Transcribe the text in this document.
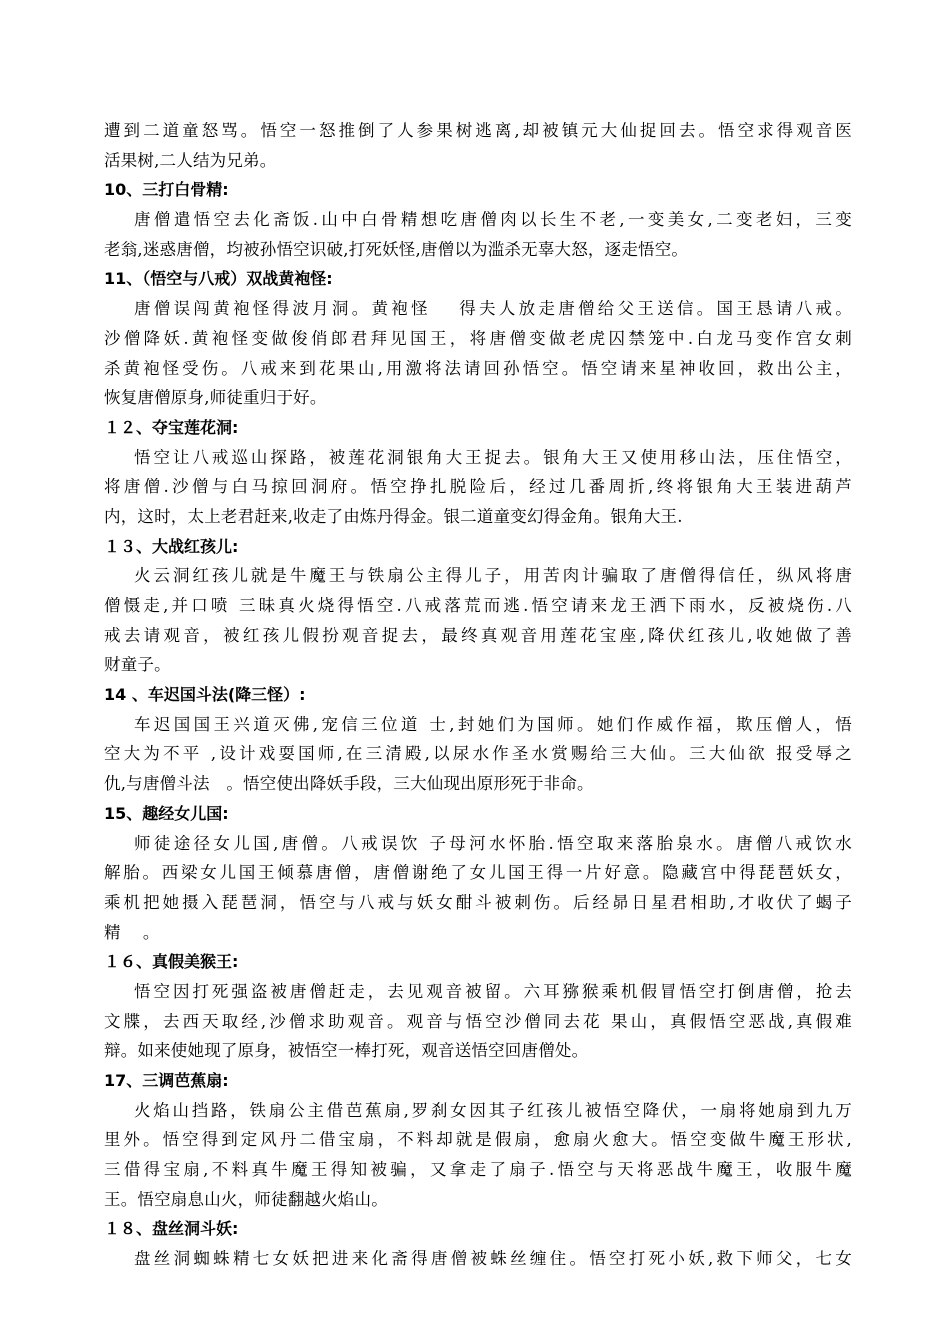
遭到二道童怒骂。悟空一怒推倒了人参果树逃离,却被镇元大仙捉回去。悟空求得观音医
活果树,二人结为兄弟。
10、三打白骨精:
唐僧遣悟空去化斋饭.山中白骨精想吃唐僧肉以长生不老,一变美女,二变老妇，三变
老翁,迷惑唐僧，均被孙悟空识破,打死妖怪,唐僧以为滥杀无辜大怒，逐走悟空。
11、（悟空与八戒）双战黄袍怪:
唐僧误闯黄袍怪得波月洞。黄袍怪　 得夫人放走唐僧给父王送信。国王恳请八戒。
沙僧降妖.黄袍怪变做俊俏郎君拜见国王，将唐僧变做老虎囚禁笼中.白龙马变作宫女刺
杀黄袍怪受伤。八戒来到花果山,用激将法请回孙悟空。悟空请来星神收回，救出公主，
恢复唐僧原身,师徒重归于好。
１２、夺宝莲花洞:
悟空让八戒巡山探路，被莲花洞银角大王捉去。银角大王又使用移山法，压住悟空，
将唐僧.沙僧与白马掠回洞府。悟空挣扎脱险后，经过几番周折,终将银角大王装进葫芦
内，这时，太上老君赶来,收走了由炼丹得金。银二道童变幻得金角。银角大王.
１３、大战红孩儿:
火云洞红孩儿就是牛魔王与铁扇公主得儿子，用苦肉计骗取了唐僧得信任，纵风将唐
僧慑走,并口喷 三昧真火烧得悟空.八戒落荒而逃.悟空请来龙王洒下雨水，反被烧伤.八
戒去请观音，被红孩儿假扮观音捉去，最终真观音用莲花宝座,降伏红孩儿,收她做了善
财童子。
14 、车迟国斗法(降三怪）:
车迟国国王兴道灭佛,宠信三位道 士,封她们为国师。她们作威作福，欺压僧人，悟
空大为不平 ,设计戏耍国师,在三清殿,以尿水作圣水赏赐给三大仙。三大仙欲 报受辱之
仇,与唐僧斗法　。悟空使出降妖手段，三大仙现出原形死于非命。
15、趣经女儿国:
师徒途径女儿国,唐僧。八戒误饮 子母河水怀胎.悟空取来落胎泉水。唐僧八戒饮水
解胎。西梁女儿国王倾慕唐僧，唐僧谢绝了女儿国王得一片好意。隐藏宫中得琵琶妖女，
乘机把她摄入琵琶洞，悟空与八戒与妖女酣斗被刺伤。后经昴日星君相助,才收伏了蝎子
精　 。
１６、真假美猴王:
悟空因打死强盗被唐僧赶走，去见观音被留。六耳猕猴乘机假冒悟空打倒唐僧，抢去
文牒，去西天取经,沙僧求助观音。观音与悟空沙僧同去花 果山，真假悟空恶战,真假难
辩。如来使她现了原身，被悟空一棒打死，观音送悟空回唐僧处。
17、三调芭蕉扇:
火焰山挡路，铁扇公主借芭蕉扇,罗刹女因其子红孩儿被悟空降伏，一扇将她扇到九万
里外。悟空得到定风丹二借宝扇，不料却就是假扇，愈扇火愈大。悟空变做牛魔王形状,
三借得宝扇,不料真牛魔王得知被骗，又拿走了扇子.悟空与天将恶战牛魔王，收服牛魔
王。悟空扇息山火，师徒翻越火焰山。
１８、盘丝洞斗妖:
盘丝洞蜘蛛精七女妖把进来化斋得唐僧被蛛丝缠住。悟空打死小妖,救下师父，七女
